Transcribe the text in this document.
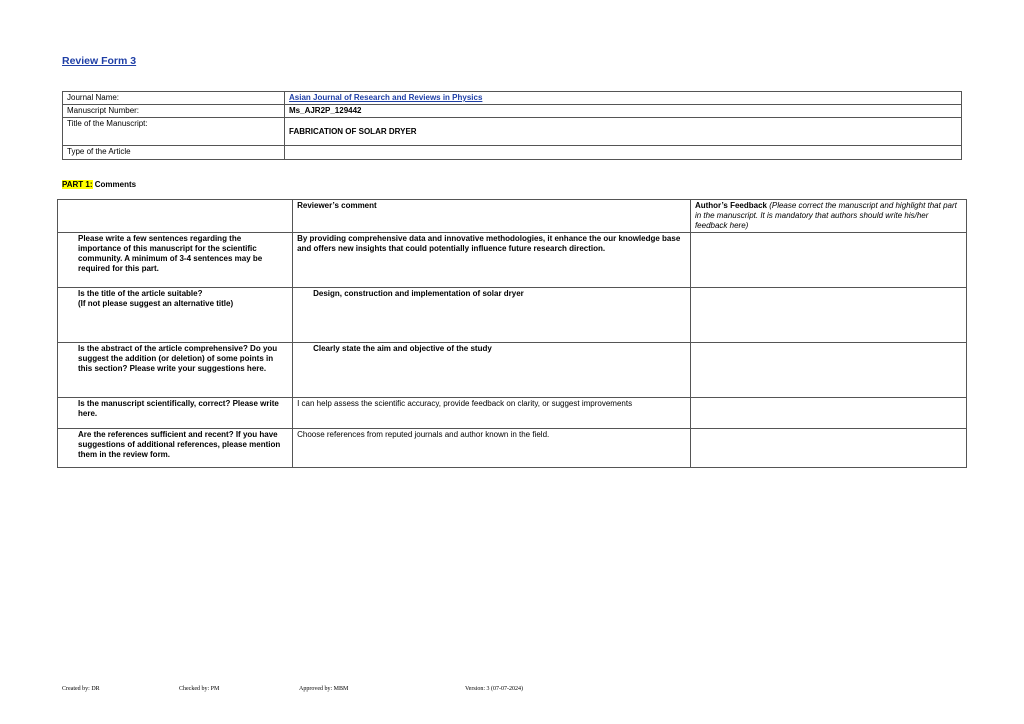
Review Form 3
Journal Name:	Asian Journal of Research and Reviews in Physics
Manuscript Number:	Ms_AJR2P_129442
Title of the Manuscript:	FABRICATION OF SOLAR DRYER
Type of the Article	
PART 1: Comments
	Reviewer’s comment	Author’s Feedback (Please correct the manuscript and highlight that part in the manuscript. It is mandatory that authors should write his/her feedback here)
Please write a few sentences regarding the importance of this manuscript for the scientific community. A minimum of 3-4 sentences may be required for this part.	By providing comprehensive data and innovative methodologies, it enhance the our knowledge base and offers new insights that could potentially influence future research direction.	
Is the title of the article suitable?
(If not please suggest an alternative title)	Design, construction and implementation of solar dryer	
Is the abstract of the article comprehensive? Do you suggest the addition (or deletion) of some points in this section? Please write your suggestions here.	Clearly state the aim and objective of the study	
Is the manuscript scientifically, correct? Please write here.	I can help assess the scientific accuracy, provide feedback on clarity, or suggest improvements	
Are the references sufficient and recent? If you have suggestions of additional references, please mention them in the review form.	Choose references from reputed journals and author known in the field.	
Created by: DR	Checked by: PM	Approved by: MBM	Version: 3 (07-07-2024)
